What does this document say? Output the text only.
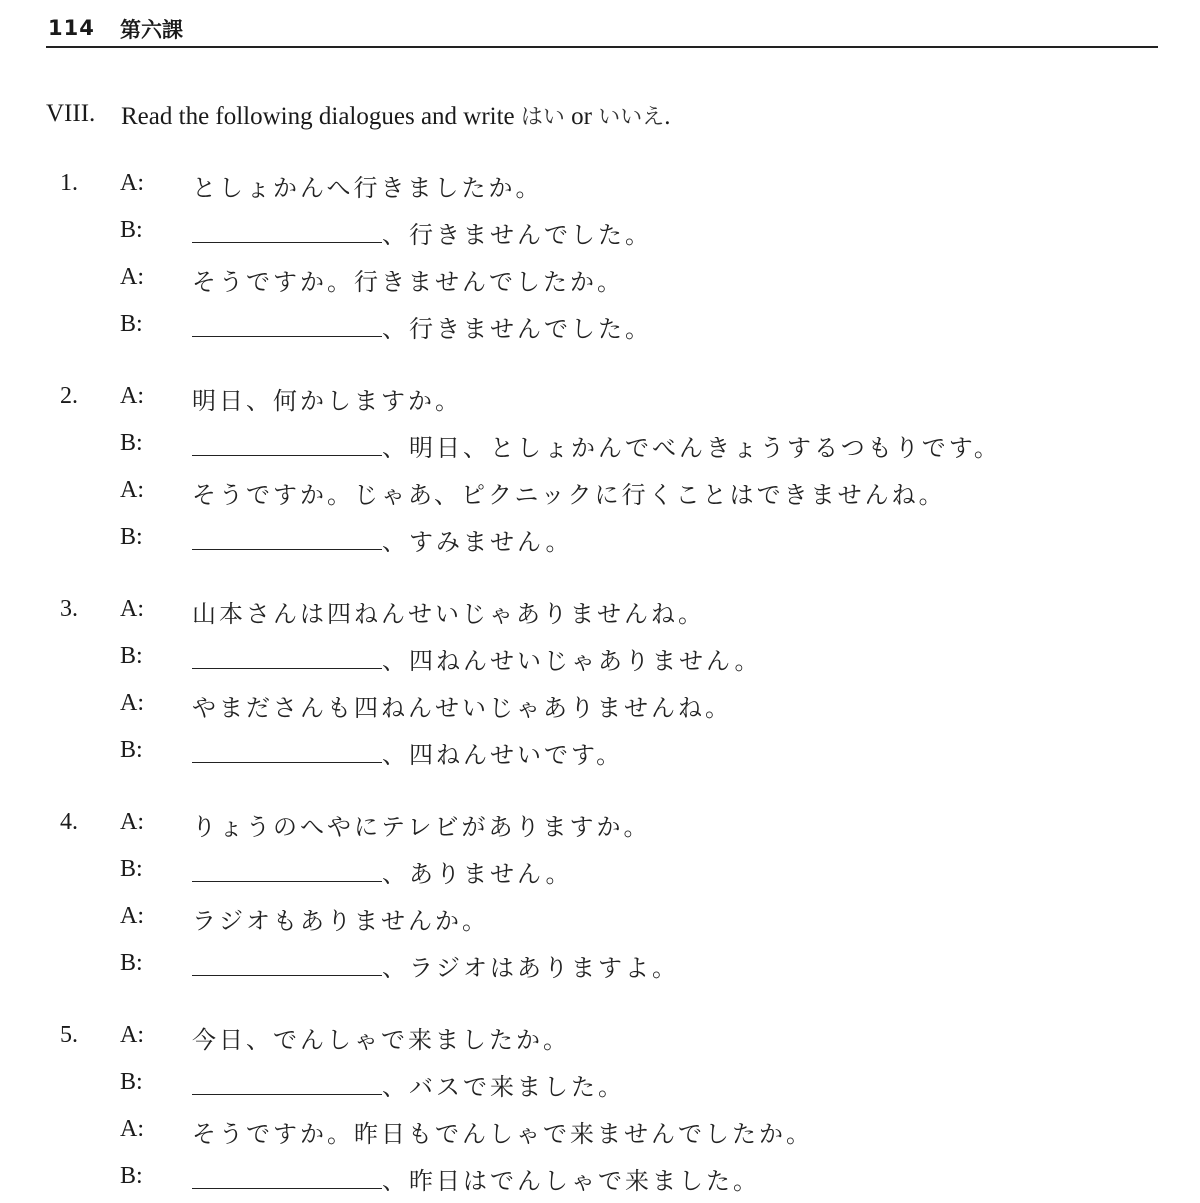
114 第六課
VIII. Read the following dialogues and write はい or いいえ.
1. A: としょかんへ行きましたか。
B:	、行きませんでした。
A: そうですか。行きませんでしたか。
B:	、行きませんでした。
2. A: 明日、何かしますか。
B:	、明日、としょかんでべんきょうするつもりです。
A: そうですか。じゃあ、ピクニックに行くことはできませんね。
B:	、すみません。
3. A: 山本さんは四ねんせいじゃありませんね。
B:	、四ねんせいじゃありません。
A: やまださんも四ねんせいじゃありませんね。
B:	、四ねんせいです。
4. A: りょうのへやにテレビがありますか。
B:	、ありません。
A: ラジオもありませんか。
B:	、ラジオはありますよ。
5. A: 今日、でんしゃで来ましたか。
B:	、バスで来ました。
A: そうですか。昨日もでんしゃで来ませんでしたか。
B:	、昨日はでんしゃで来ました。
